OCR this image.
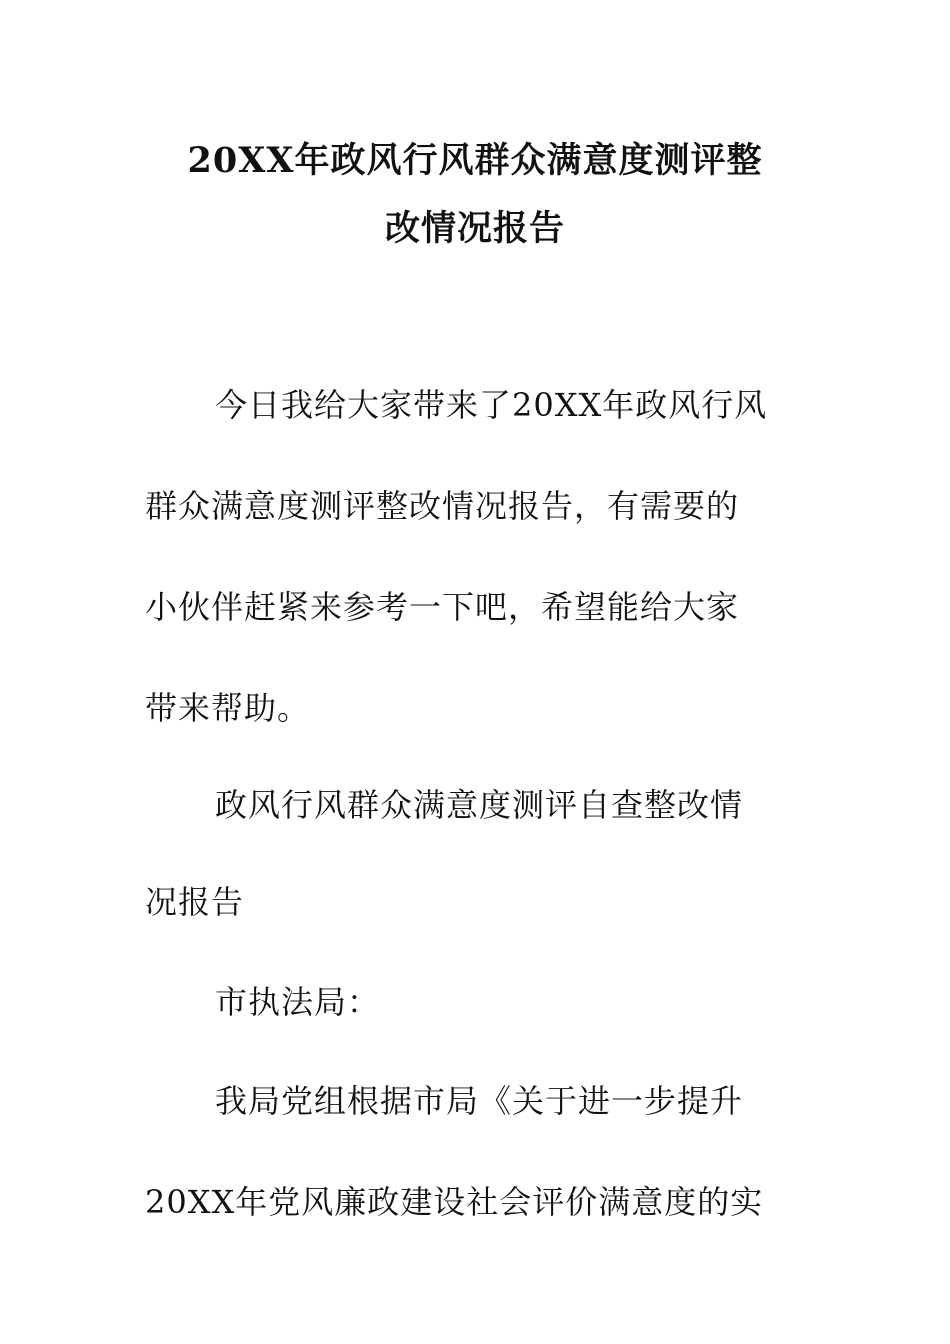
20XX年政风行风群众满意度测评整
改情况报告
今日我给大家带来了20XX年政风行风
群众满意度测评整改情况报告，有需要的
小伙伴赶紧来参考一下吧，希望能给大家
带来帮助。
政风行风群众满意度测评自查整改情
况报告
市执法局：
我局党组根据市局《关于进一步提升
20XX年党风廉政建设社会评价满意度的实
